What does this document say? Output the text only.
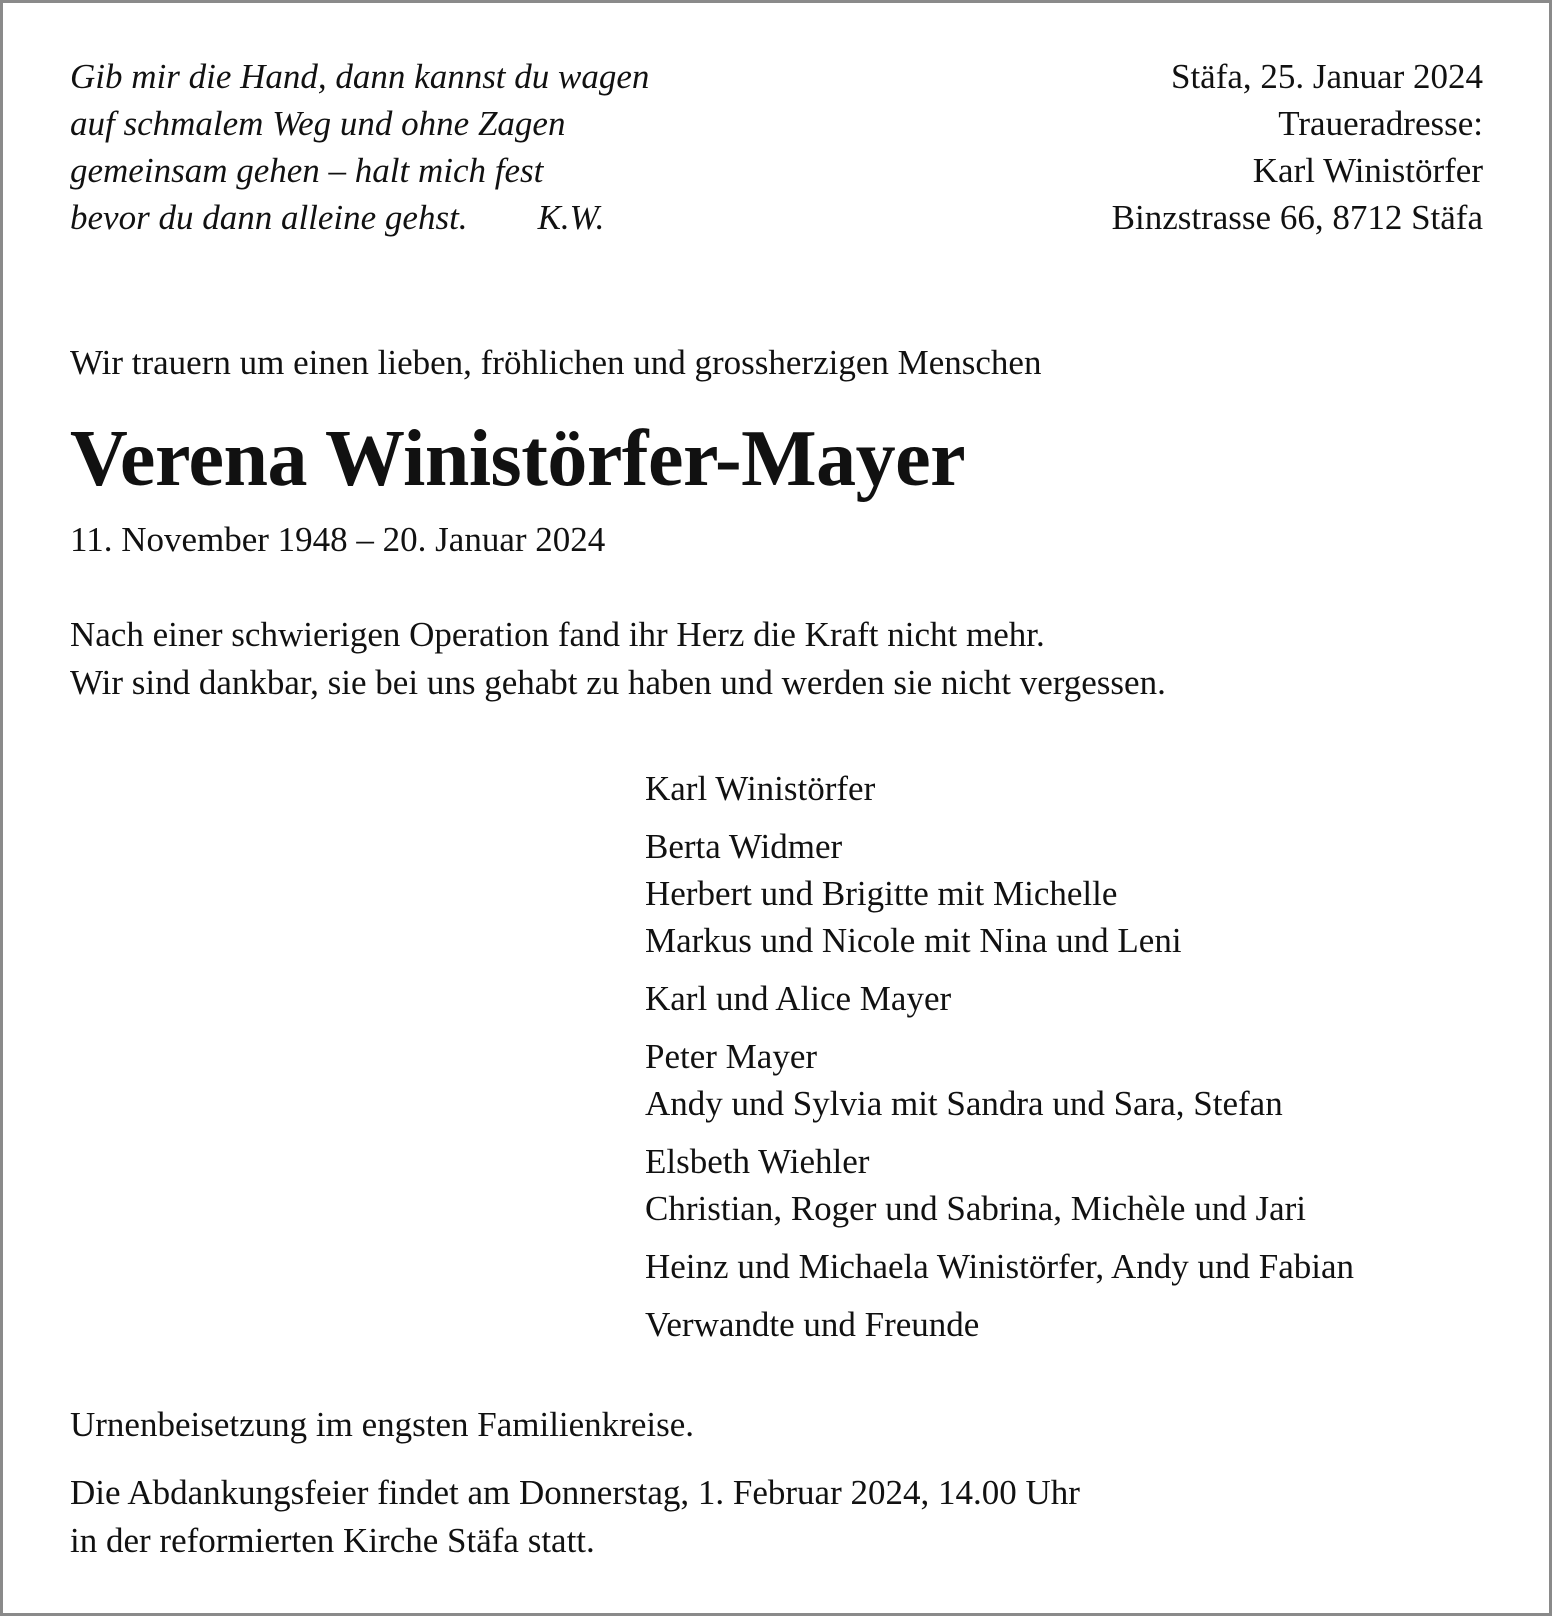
Gib mir die Hand, dann kannst du wagen
auf schmalem Weg und ohne Zagen
gemeinsam gehen – halt mich fest
bevor du dann alleine gehst. K.W.
Stäfa, 25. Januar 2024
Traueradresse:
Karl Winistörfer
Binzstrasse 66, 8712 Stäfa
Wir trauern um einen lieben, fröhlichen und grossherzigen Menschen
Verena Winistörfer-Mayer
11. November 1948 – 20. Januar 2024
Nach einer schwierigen Operation fand ihr Herz die Kraft nicht mehr.
Wir sind dankbar, sie bei uns gehabt zu haben und werden sie nicht vergessen.
Karl Winistörfer
Berta Widmer
Herbert und Brigitte mit Michelle
Markus und Nicole mit Nina und Leni
Karl und Alice Mayer
Peter Mayer
Andy und Sylvia mit Sandra und Sara, Stefan
Elsbeth Wiehler
Christian, Roger und Sabrina, Michèle und Jari
Heinz und Michaela Winistörfer, Andy und Fabian
Verwandte und Freunde
Urnenbeisetzung im engsten Familienkreise.
Die Abdankungsfeier findet am Donnerstag, 1. Februar 2024, 14.00 Uhr
in der reformierten Kirche Stäfa statt.
